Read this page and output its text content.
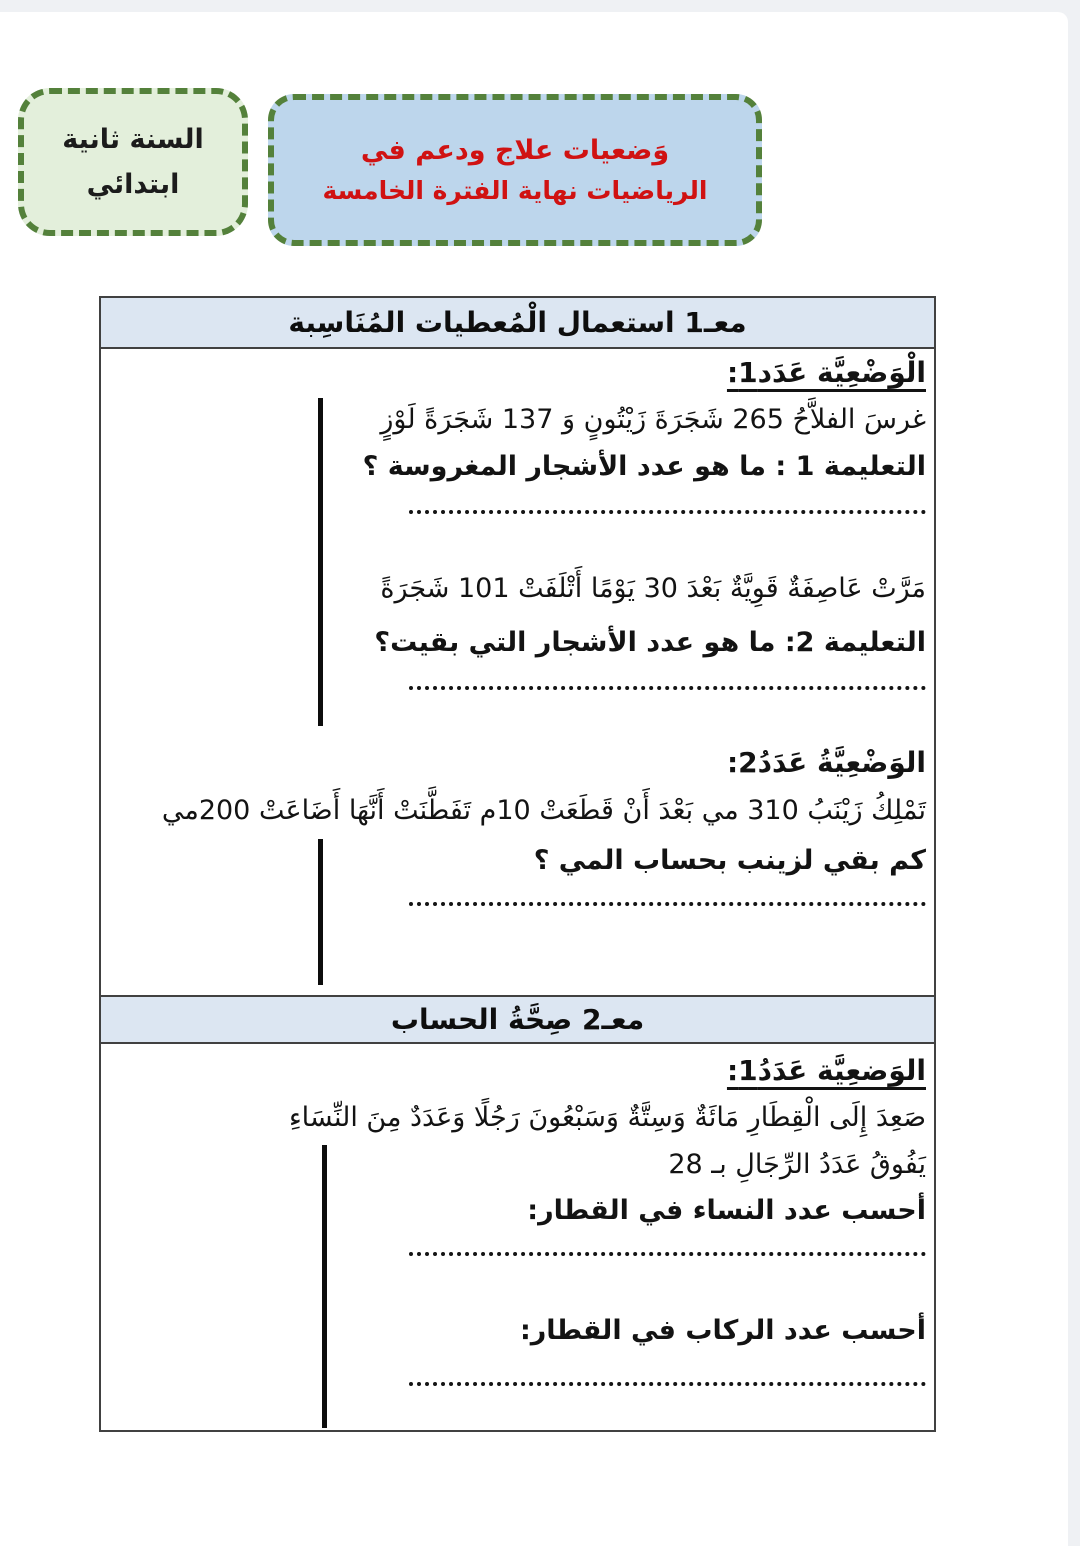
السنة ثانية
ابتدائي
وَضعيات علاج ودعم في
الرياضيات نهاية الفترة الخامسة
معـ1 استعمال الْمُعطيات المُنَاسِبة
الْوَضْعِيَّة عَدَد1:
غرسَ الفلاَّحُ 265 شَجَرَةَ زَيْتُونٍ وَ 137 شَجَرَةً لَوْزٍ
التعليمة 1 : ما هو عدد الأشجار المغروسة ؟
مَرَّتْ عَاصِفَةٌ قَوِيَّةٌ بَعْدَ 30 يَوْمًا أَتْلَفَتْ 101 شَجَرَةً
التعليمة 2: ما هو عدد الأشجار التي بقيت؟
الوَضْعِيَّةُ عَدَدُ2:
تَمْلِكُ زَيْنَبُ 310 مي بَعْدَ أَنْ قَطَعَتْ 10م تَفَطَّنَتْ أَنَّهَا أَضَاعَتْ 200مي
كم بقي لزينب بحساب المي ؟
معـ2 صِحَّةُ الحساب
الوَضعِيَّة عَدَدُ1:
صَعِدَ إِلَى الْقِطَارِ مَائَةٌ وَسِتَّةٌ وَسَبْعُونَ رَجُلًا وَعَدَدٌ مِنَ النِّسَاءِ
يَفُوقُ عَدَدُ الرِّجَالِ بـ 28
أحسب عدد النساء في القطار:
أحسب عدد الركاب في القطار:
